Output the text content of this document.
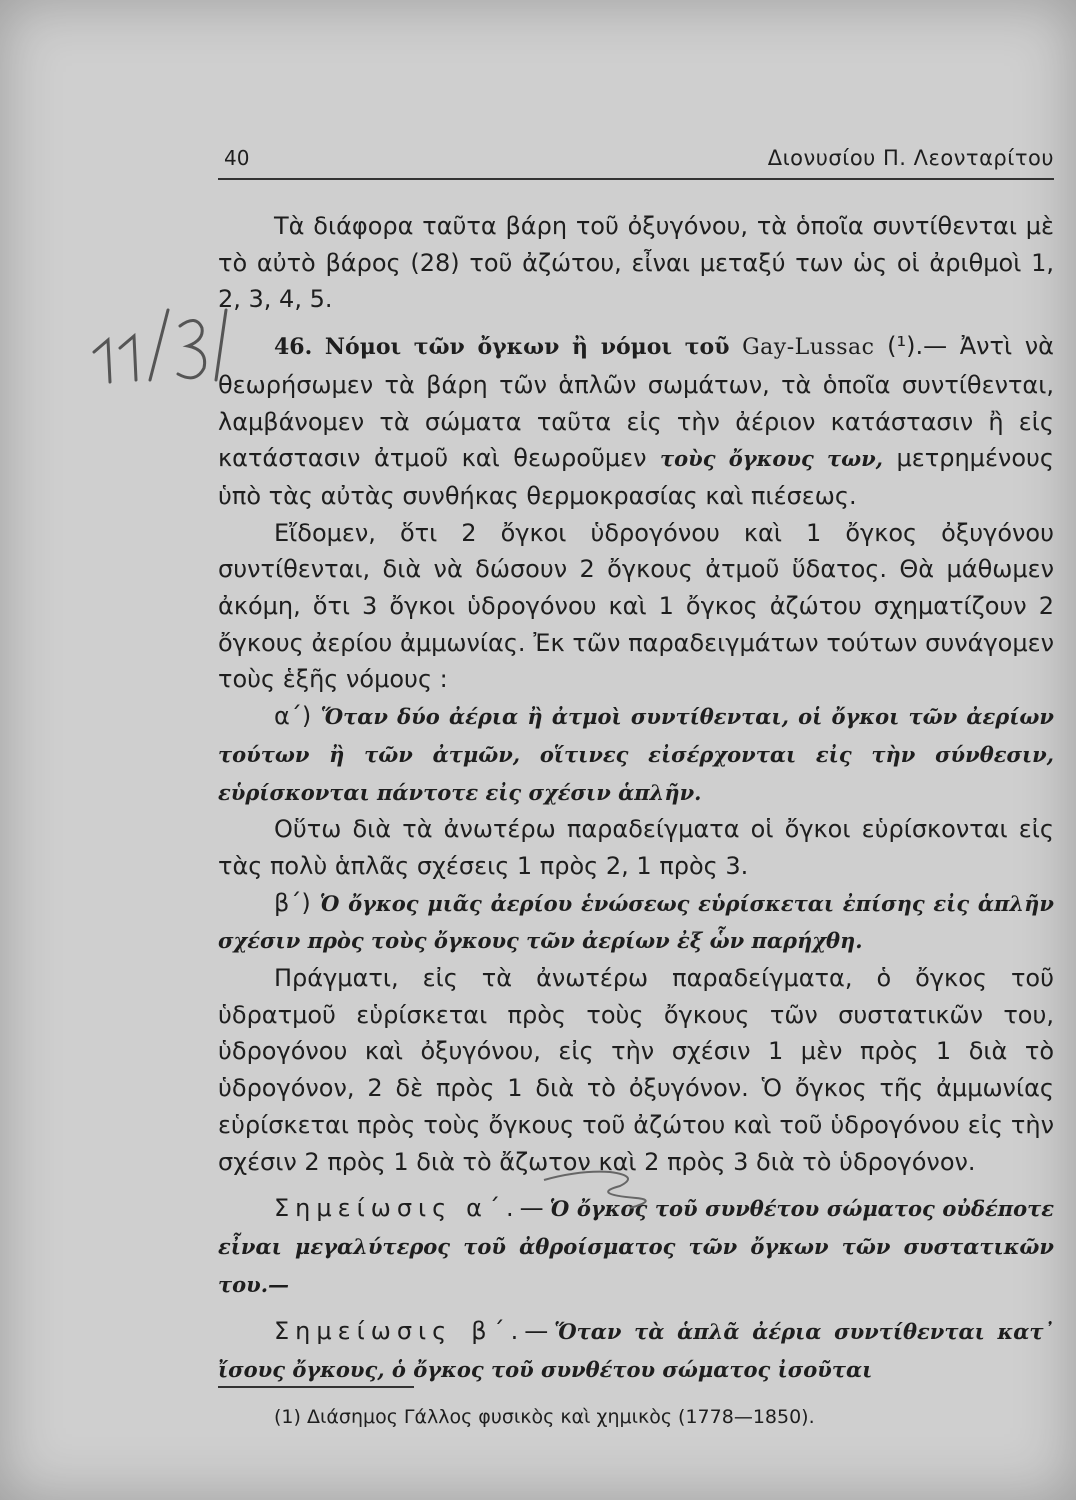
40	Διονυσίου Π. Λεονταρίτου

Τὰ διάφορα ταῦτα βάρη τοῦ ὀξυγόνου, τὰ ὁποῖα συντίθενται μὲ τὸ αὐτὸ βάρος (28) τοῦ ἀζώτου, εἶναι μεταξύ των ὡς οἱ ἀριθμοὶ 1, 2, 3, 4, 5.

46. Νόμοι τῶν ὄγκων ἢ νόμοι τοῦ Gay-Lussac (¹).— Ἀντὶ νὰ θεωρήσωμεν τὰ βάρη τῶν ἁπλῶν σωμάτων, τὰ ὁποῖα συντίθενται, λαμβάνομεν τὰ σώματα ταῦτα εἰς τὴν ἀέριον κατάστασιν ἢ εἰς κατάστασιν ἀτμοῦ καὶ θεωροῦμεν τοὺς ὄγκους των, μετρημένους ὑπὸ τὰς αὐτὰς συνθήκας θερμοκρασίας καὶ πιέσεως.

Εἴδομεν, ὅτι 2 ὄγκοι ὑδρογόνου καὶ 1 ὄγκος ὀξυγόνου συντίθενται, διὰ νὰ δώσουν 2 ὄγκους ἀτμοῦ ὕδατος. Θὰ μάθωμεν ἀκόμη, ὅτι 3 ὄγκοι ὑδρογόνου καὶ 1 ὄγκος ἀζώτου σχηματίζουν 2 ὄγκους ἀερίου ἀμμωνίας. Ἐκ τῶν παραδειγμάτων τούτων συνάγομεν τοὺς ἑξῆς νόμους :

α΄) Ὅταν δύο ἀέρια ἢ ἀτμοὶ συντίθενται, οἱ ὄγκοι τῶν ἀερίων τούτων ἢ τῶν ἀτμῶν, οἵτινες εἰσέρχονται εἰς τὴν σύνθεσιν, εὑρίσκονται πάντοτε εἰς σχέσιν ἁπλῆν.

Οὕτω διὰ τὰ ἀνωτέρω παραδείγματα οἱ ὄγκοι εὑρίσκονται εἰς τὰς πολὺ ἁπλᾶς σχέσεις 1 πρὸς 2, 1 πρὸς 3.

β΄) Ὁ ὄγκος μιᾶς ἀερίου ἑνώσεως εὑρίσκεται ἐπίσης εἰς ἁπλῆν σχέσιν πρὸς τοὺς ὄγκους τῶν ἀερίων ἐξ ὧν παρήχθη.

Πράγματι, εἰς τὰ ἀνωτέρω παραδείγματα, ὁ ὄγκος τοῦ ὑδρατμοῦ εὑρίσκεται πρὸς τοὺς ὄγκους τῶν συστατικῶν του, ὑδρογόνου καὶ ὀξυγόνου, εἰς τὴν σχέσιν 1 μὲν πρὸς 1 διὰ τὸ ὑδρογόνον, 2 δὲ πρὸς 1 διὰ τὸ ὀξυγόνον. Ὁ ὄγκος τῆς ἀμμωνίας εὑρίσκεται πρὸς τοὺς ὄγκους τοῦ ἀζώτου καὶ τοῦ ὑδρογόνου εἰς τὴν σχέσιν 2 πρὸς 1 διὰ τὸ ἄζωτον καὶ 2 πρὸς 3 διὰ τὸ ὑδρογόνον.

Σημείωσις α΄.—Ὁ ὄγκος τοῦ συνθέτου σώματος οὐδέποτε εἶναι μεγαλύτερος τοῦ ἀθροίσματος τῶν ὄγκων τῶν συστατικῶν του.—

Σημείωσις β΄.—Ὅταν τὰ ἁπλᾶ ἀέρια συντίθενται κατ᾽ ἴσους ὄγκους, ὁ ὄγκος τοῦ συνθέτου σώματος ἰσοῦται

(1) Διάσημος Γάλλος φυσικὸς καὶ χημικὸς (1778—1850).
